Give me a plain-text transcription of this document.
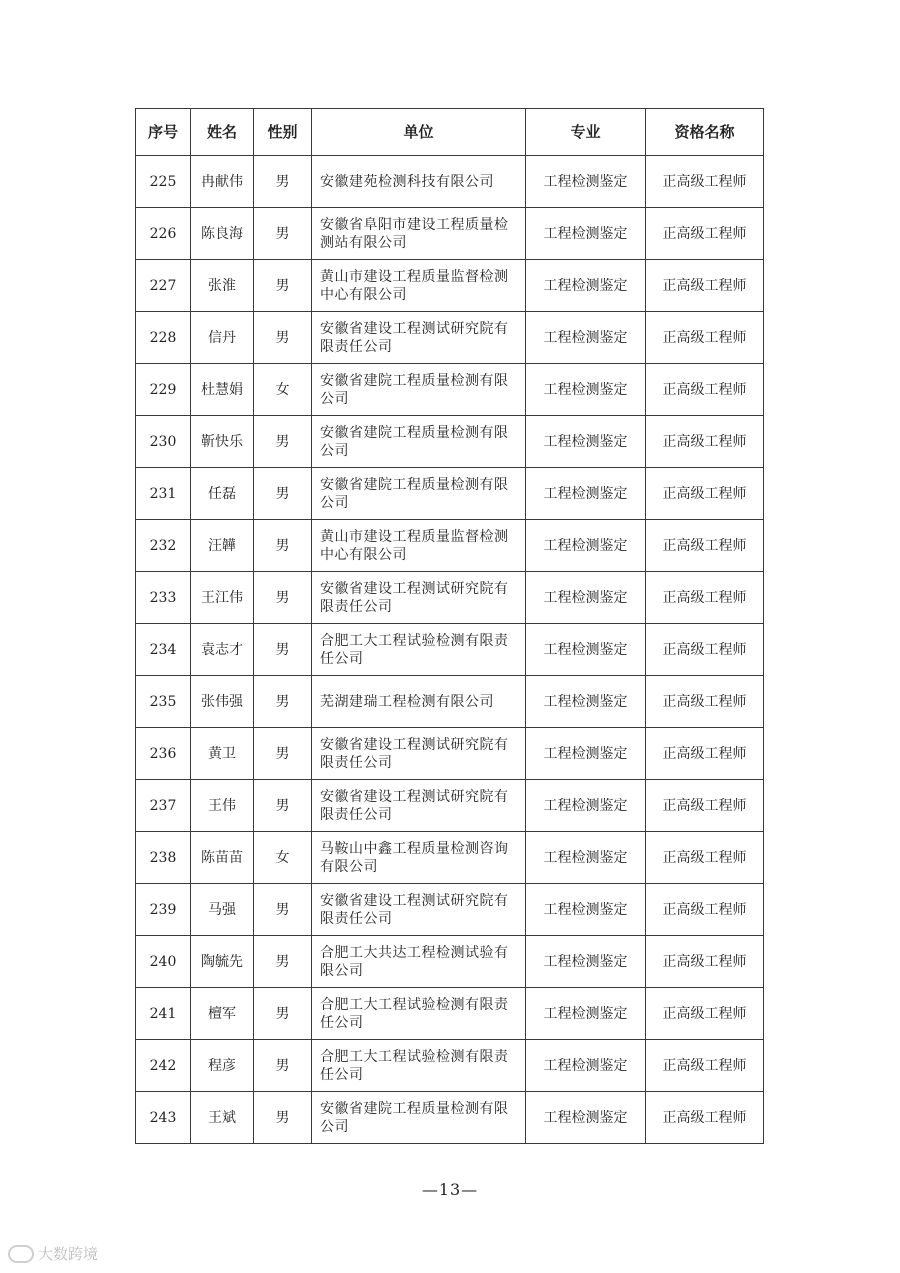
序号	姓名	性别	单位	专业	资格名称
225	冉献伟	男	安徽建苑检测科技有限公司	工程检测鉴定	正高级工程师
226	陈良海	男	安徽省阜阳市建设工程质量检测站有限公司	工程检测鉴定	正高级工程师
227	张淮	男	黄山市建设工程质量监督检测中心有限公司	工程检测鉴定	正高级工程师
228	信丹	男	安徽省建设工程测试研究院有限责任公司	工程检测鉴定	正高级工程师
229	杜慧娟	女	安徽省建院工程质量检测有限公司	工程检测鉴定	正高级工程师
230	靳快乐	男	安徽省建院工程质量检测有限公司	工程检测鉴定	正高级工程师
231	任磊	男	安徽省建院工程质量检测有限公司	工程检测鉴定	正高级工程师
232	汪韡	男	黄山市建设工程质量监督检测中心有限公司	工程检测鉴定	正高级工程师
233	王江伟	男	安徽省建设工程测试研究院有限责任公司	工程检测鉴定	正高级工程师
234	袁志才	男	合肥工大工程试验检测有限责任公司	工程检测鉴定	正高级工程师
235	张伟强	男	芜湖建瑞工程检测有限公司	工程检测鉴定	正高级工程师
236	黄卫	男	安徽省建设工程测试研究院有限责任公司	工程检测鉴定	正高级工程师
237	王伟	男	安徽省建设工程测试研究院有限责任公司	工程检测鉴定	正高级工程师
238	陈苗苗	女	马鞍山中鑫工程质量检测咨询有限公司	工程检测鉴定	正高级工程师
239	马强	男	安徽省建设工程测试研究院有限责任公司	工程检测鉴定	正高级工程师
240	陶毓先	男	合肥工大共达工程检测试验有限公司	工程检测鉴定	正高级工程师
241	檀军	男	合肥工大工程试验检测有限责任公司	工程检测鉴定	正高级工程师
242	程彦	男	合肥工大工程试验检测有限责任公司	工程检测鉴定	正高级工程师
243	王斌	男	安徽省建院工程质量检测有限公司	工程检测鉴定	正高级工程师
—13—
大数跨境
